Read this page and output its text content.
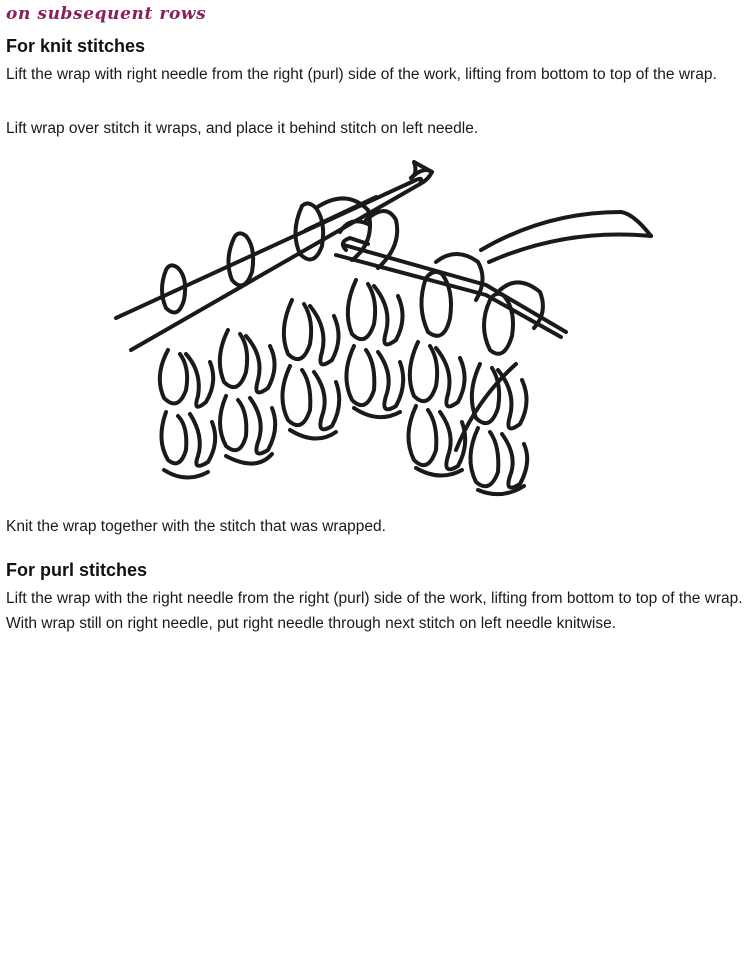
on subsequent rows
For knit stitches
Lift the wrap with right needle from the right (purl) side of the work, lifting from bottom to top of the wrap.
Lift wrap over stitch it wraps, and place it behind stitch on left needle.
Knit the wrap together with the stitch that was wrapped.
For purl stitches
Lift the wrap with the right needle from the right (purl) side of the work, lifting from bottom to top of the wrap. With wrap still on right needle, put right needle through next stitch on left needle knitwise.
